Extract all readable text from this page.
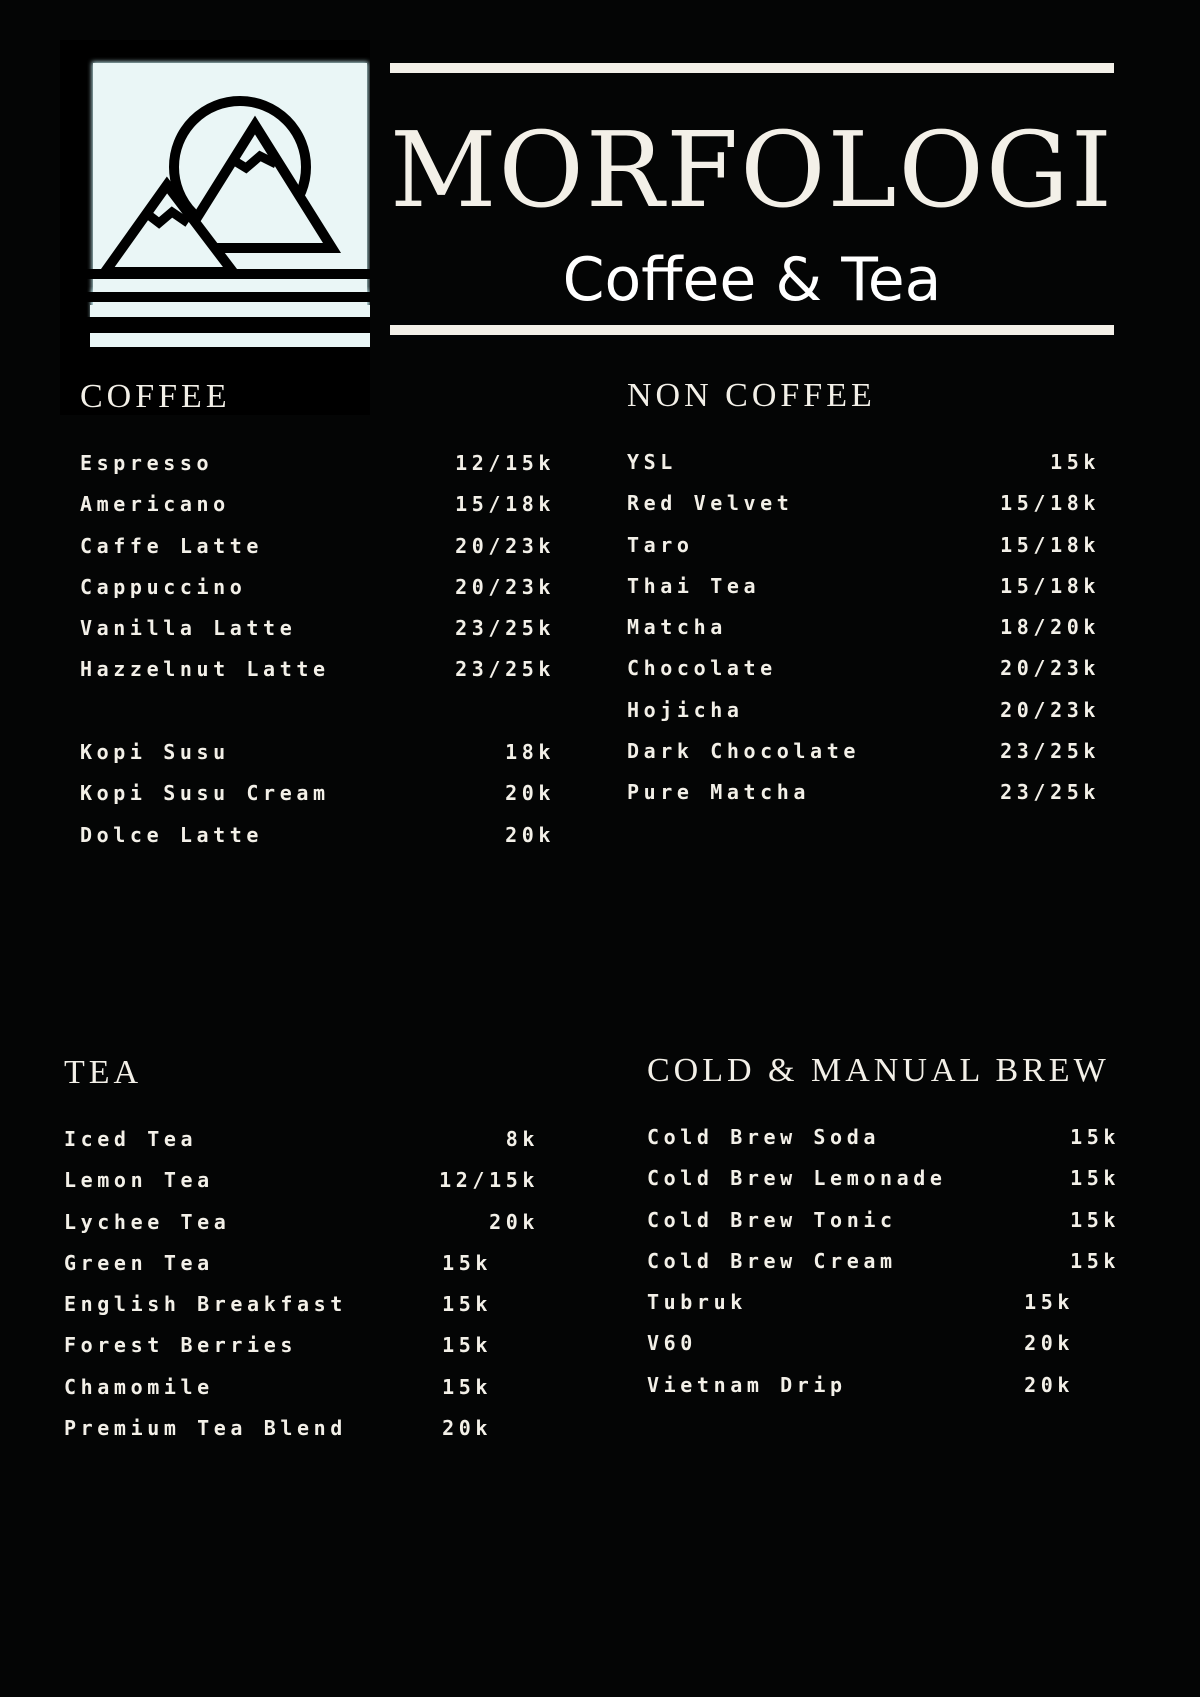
MORFOLOGI
Coffee & Tea
COFFEE
Espresso	12/15k
Americano	15/18k
Caffe Latte	20/23k
Cappuccino	20/23k
Vanilla Latte	23/25k
Hazzelnut Latte	23/25k
Kopi Susu	18k
Kopi Susu Cream	20k
Dolce Latte	20k
NON COFFEE
YSL	15k
Red Velvet	15/18k
Taro	15/18k
Thai Tea	15/18k
Matcha	18/20k
Chocolate	20/23k
Hojicha	20/23k
Dark Chocolate	23/25k
Pure Matcha	23/25k
TEA
Iced Tea	8k
Lemon Tea	12/15k
Lychee Tea	20k
Green Tea	15k
English Breakfast	15k
Forest Berries	15k
Chamomile	15k
Premium Tea Blend	20k
COLD & MANUAL BREW
Cold Brew Soda	15k
Cold Brew Lemonade	15k
Cold Brew Tonic	15k
Cold Brew Cream	15k
Tubruk	15k
V60	20k
Vietnam Drip	20k
